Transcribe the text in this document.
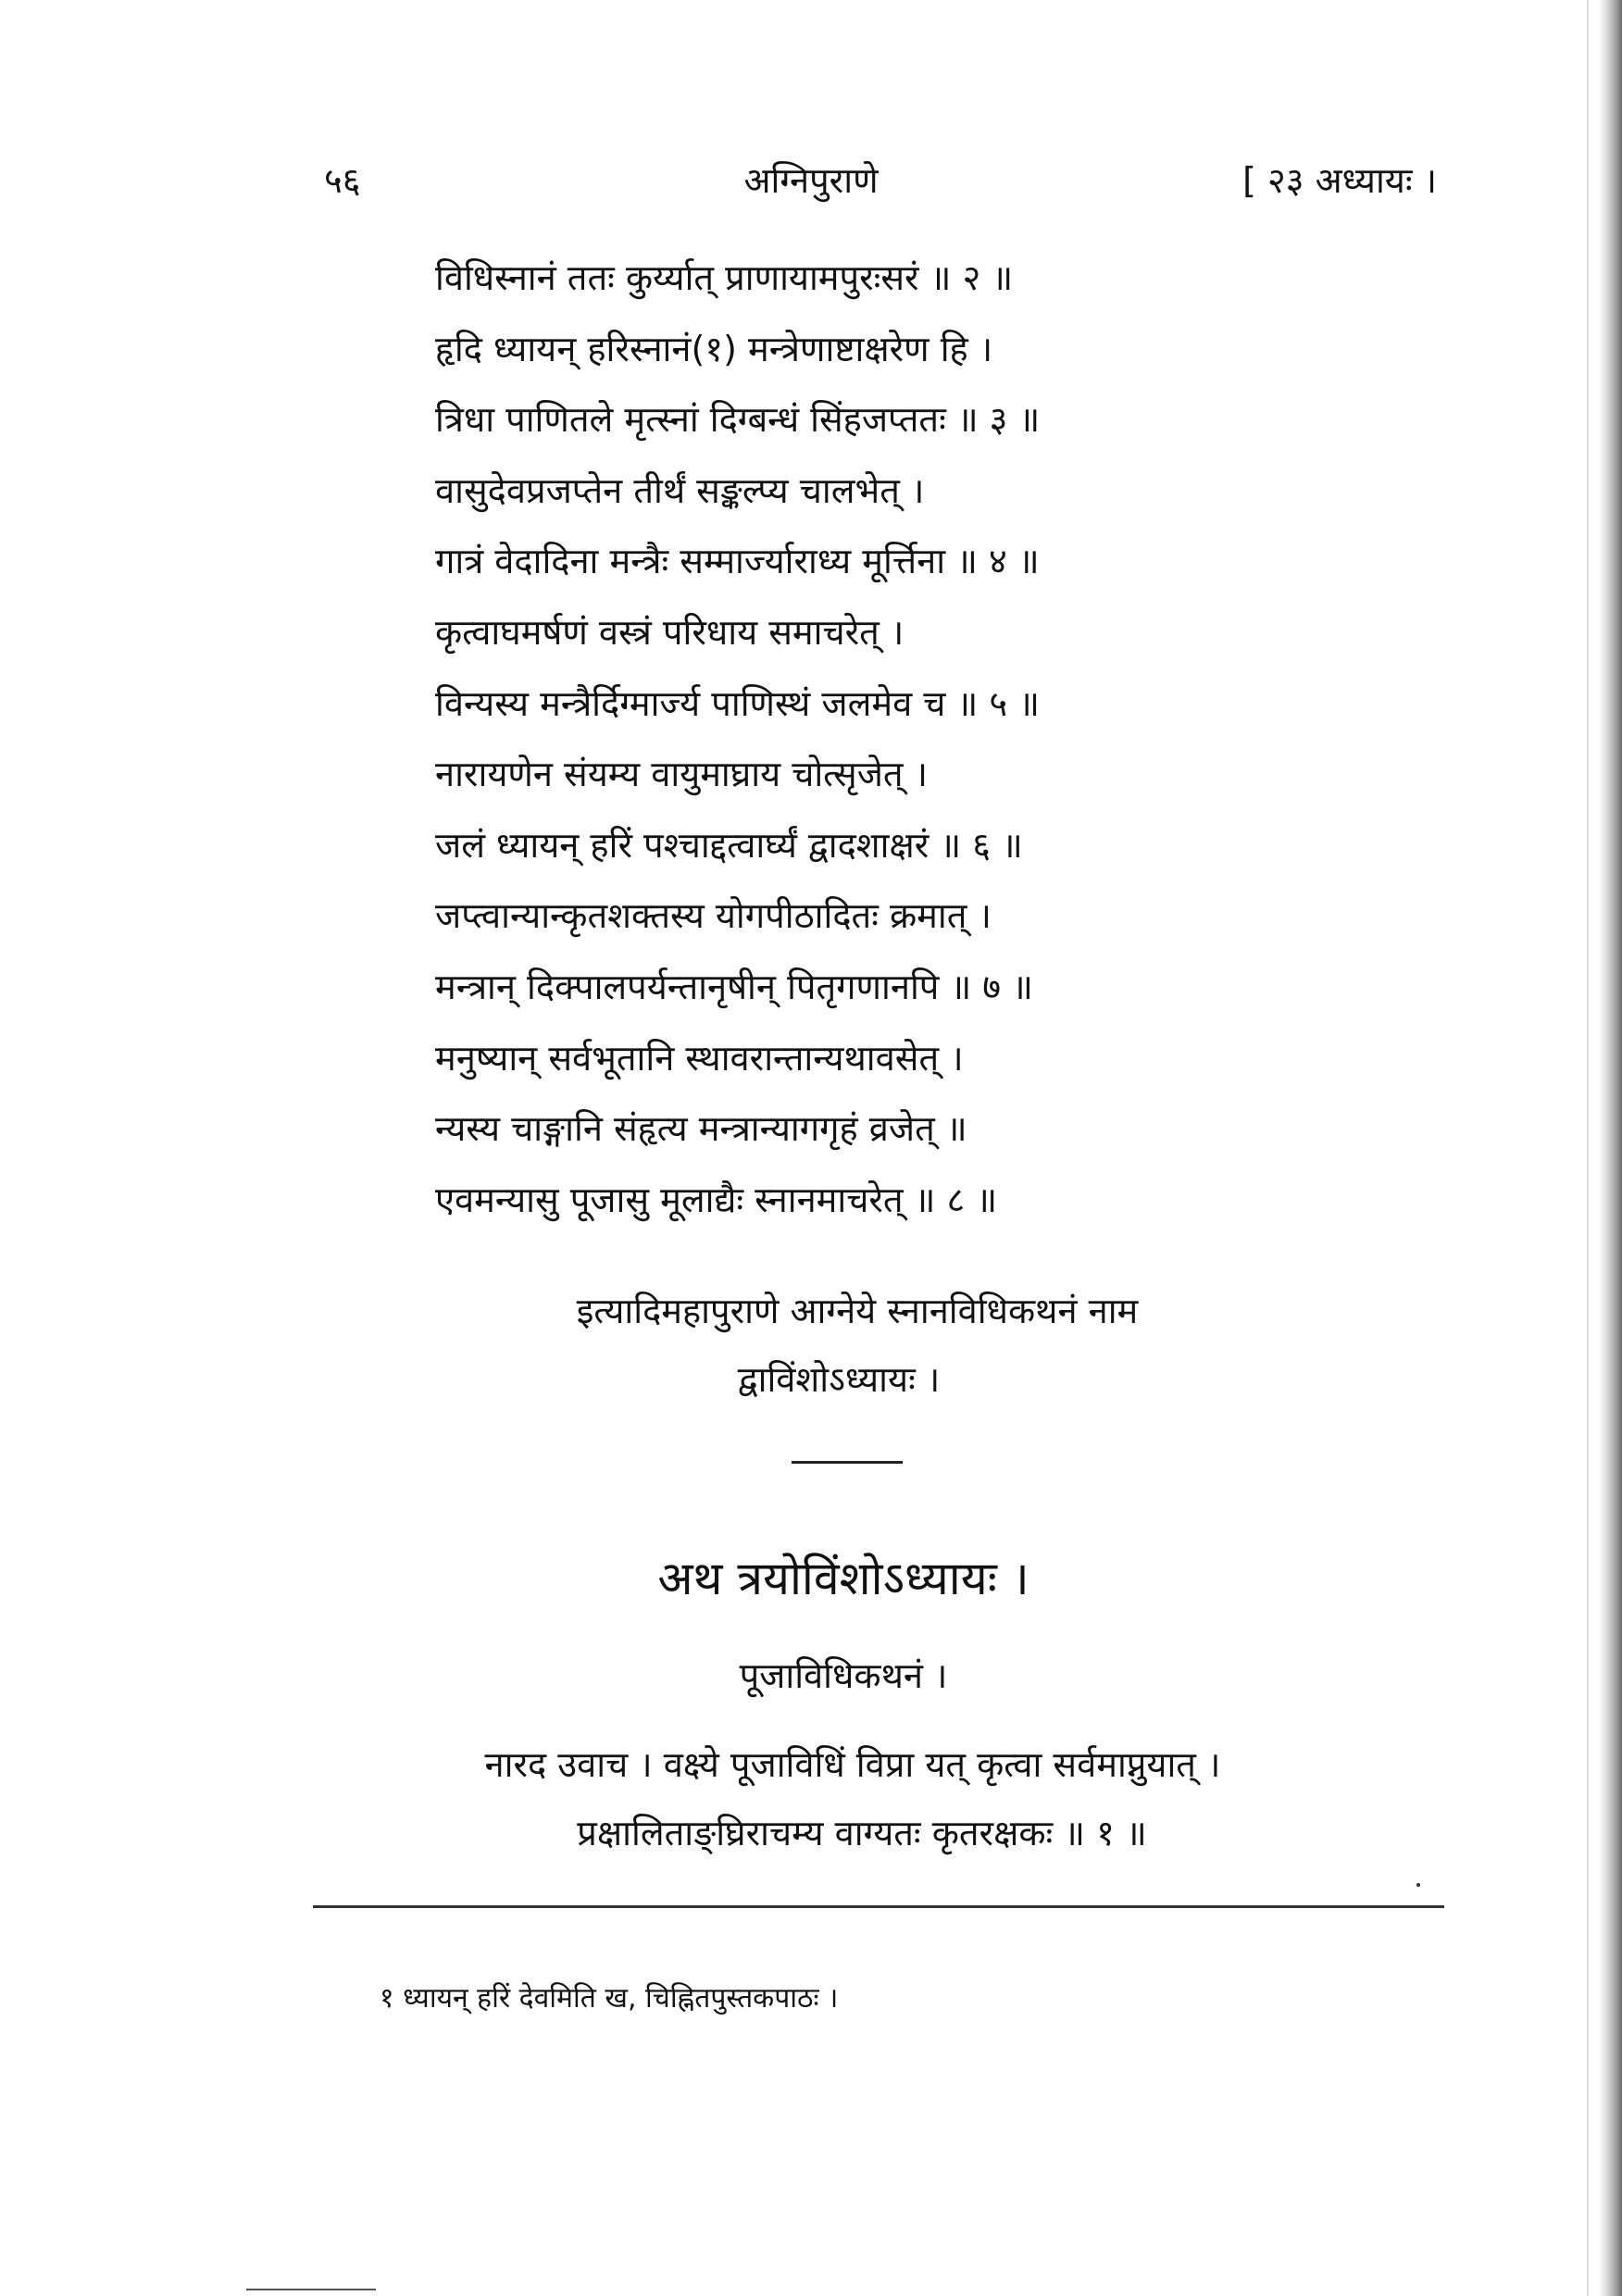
५६	अग्निपुराणे	[ २३ अध्यायः ।
विधिस्नानं ततः कुर्य्यात् प्राणायामपुरःसरं ॥ २ ॥
हृदि ध्यायन् हरिस्नानं(१) मन्त्रेणाष्टाक्षरेण हि ।
त्रिधा पाणितले मृत्स्नां दिग्बन्धं सिंहजप्ततः ॥ ३ ॥
वासुदेवप्रजप्तेन तीर्थं सङ्कल्प्य चालभेत् ।
गात्रं वेदादिना मन्त्रैः सम्मार्ज्याराध्य मूर्त्तिना ॥ ४ ॥
कृत्वाघमर्षणं वस्त्रं परिधाय समाचरेत् ।
विन्यस्य मन्त्रैर्दिग्मार्ज्य पाणिस्थं जलमेव च ॥ ५ ॥
नारायणेन संयम्य वायुमाघ्राय चोत्सृजेत् ।
जलं ध्यायन् हरिं पश्चाद्दत्वार्घ्यं द्वादशाक्षरं ॥ ६ ॥
जप्त्वान्यान्कृतशक्तस्य योगपीठादितः क्रमात् ।
मन्त्रान् दिक्पालपर्यन्तानृषीन् पितृगणानपि ॥ ७ ॥
मनुष्यान् सर्वभूतानि स्थावरान्तान्यथावसेत् ।
न्यस्य चाङ्गानि संहृत्य मन्त्रान्यागगृहं व्रजेत् ॥
एवमन्यासु पूजासु मूलाद्यैः स्नानमाचरेत् ॥ ८ ॥
इत्यादिमहापुराणे आग्नेये स्नानविधिकथनं नाम
द्वाविंशोऽध्यायः ।
अथ त्रयोविंशोऽध्यायः ।
पूजाविधिकथनं ।
नारद उवाच । वक्ष्ये पूजाविधिं विप्रा यत् कृत्वा सर्वमाप्नुयात् ।
प्रक्षालिताङ्घ्रिराचम्य वाग्यतः कृतरक्षकः ॥ १ ॥
१ ध्यायन् हरिं देवमिति ख, चिह्नितपुस्तकपाठः ।
